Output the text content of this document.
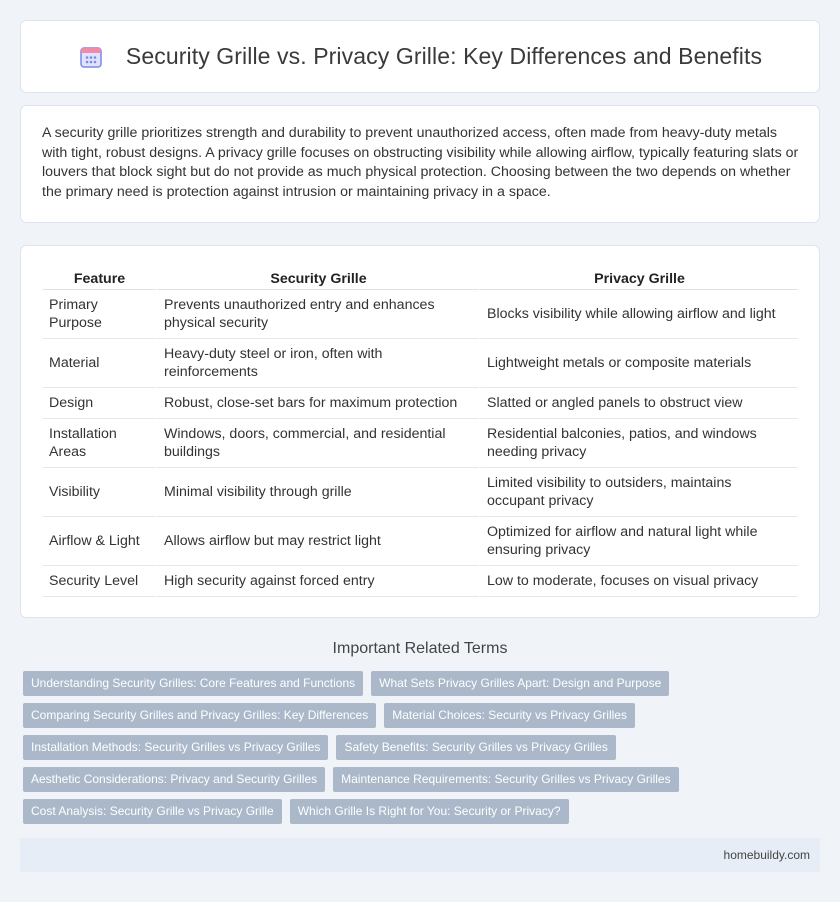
Security Grille vs. Privacy Grille: Key Differences and Benefits

A security grille prioritizes strength and durability to prevent unauthorized access, often made from heavy-duty metals with tight, robust designs. A privacy grille focuses on obstructing visibility while allowing airflow, typically featuring slats or louvers that block sight but do not provide as much physical protection. Choosing between the two depends on whether the primary need is protection against intrusion or maintaining privacy in a space.

Feature	Security Grille	Privacy Grille
Primary Purpose	Prevents unauthorized entry and enhances physical security	Blocks visibility while allowing airflow and light
Material	Heavy-duty steel or iron, often with reinforcements	Lightweight metals or composite materials
Design	Robust, close-set bars for maximum protection	Slatted or angled panels to obstruct view
Installation Areas	Windows, doors, commercial, and residential buildings	Residential balconies, patios, and windows needing privacy
Visibility	Minimal visibility through grille	Limited visibility to outsiders, maintains occupant privacy
Airflow & Light	Allows airflow but may restrict light	Optimized for airflow and natural light while ensuring privacy
Security Level	High security against forced entry	Low to moderate, focuses on visual privacy
Important Related Terms
Understanding Security Grilles: Core Features and Functions	What Sets Privacy Grilles Apart: Design and Purpose
Comparing Security Grilles and Privacy Grilles: Key Differences	Material Choices: Security vs Privacy Grilles
Installation Methods: Security Grilles vs Privacy Grilles	Safety Benefits: Security Grilles vs Privacy Grilles
Aesthetic Considerations: Privacy and Security Grilles	Maintenance Requirements: Security Grilles vs Privacy Grilles
Cost Analysis: Security Grille vs Privacy Grille	Which Grille Is Right for You: Security or Privacy?
homebuildy.com
